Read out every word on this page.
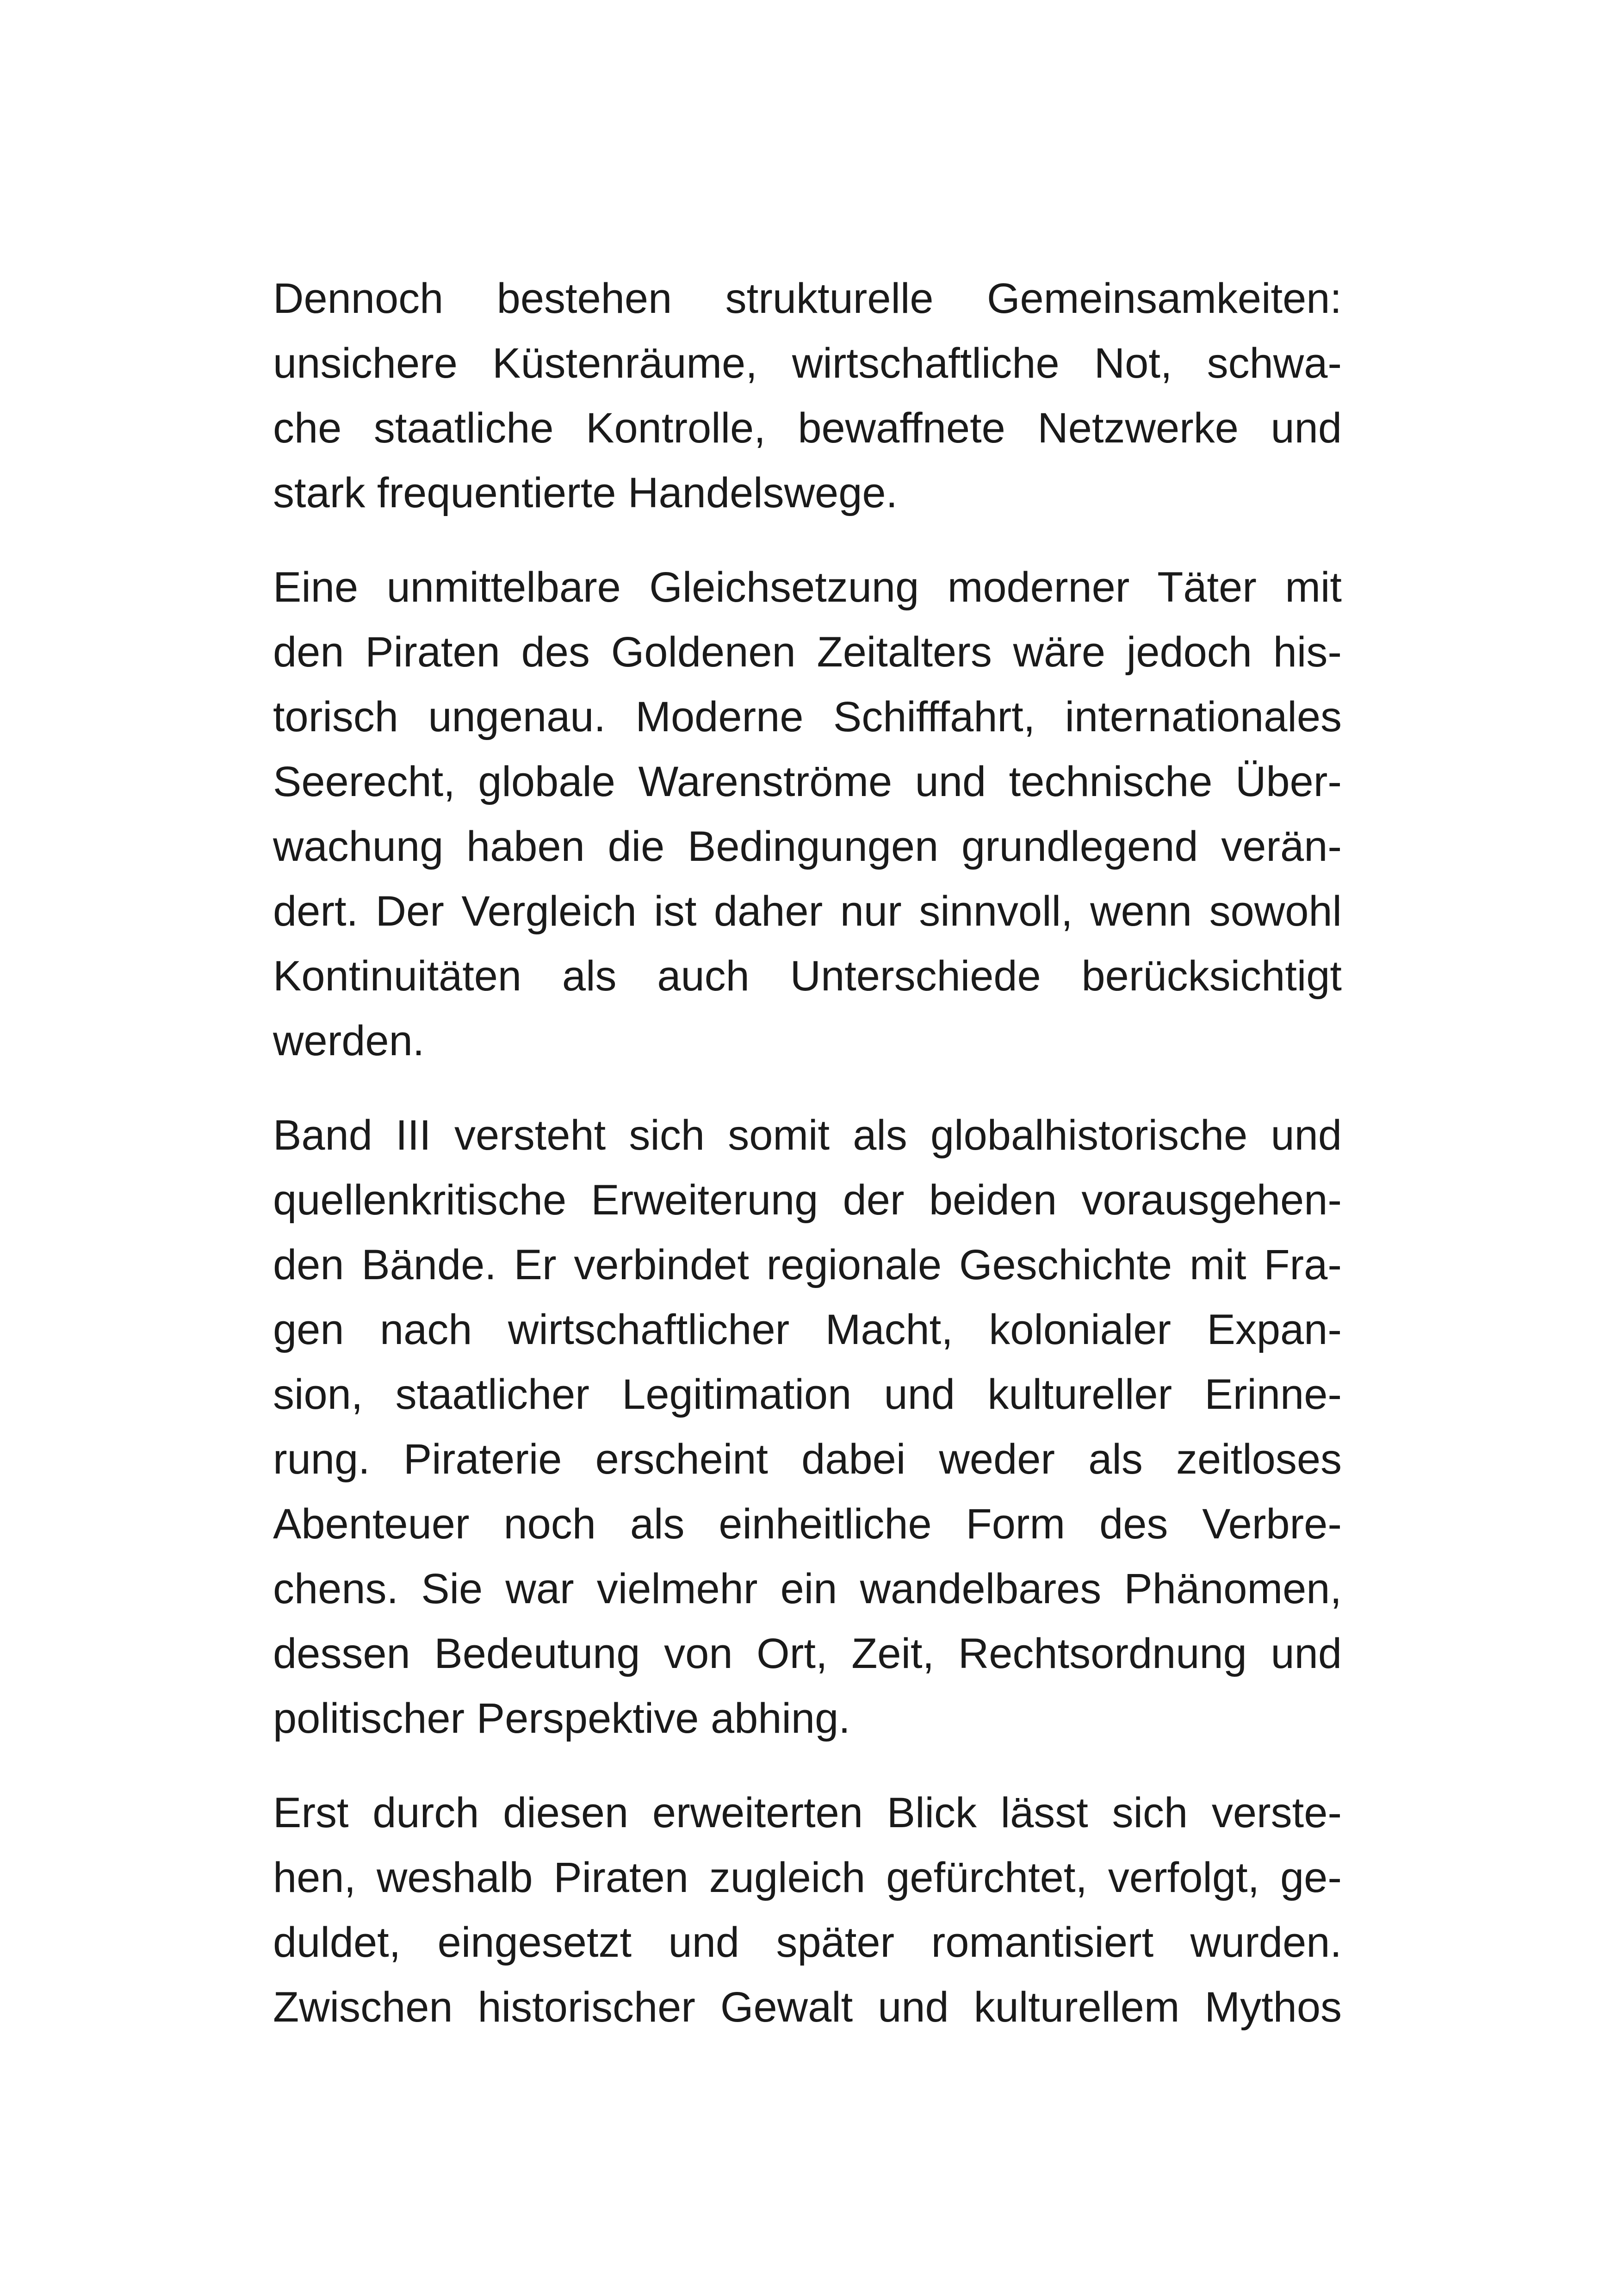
Dennoch bestehen strukturelle Gemeinsamkeiten:
unsichere Küstenräume, wirtschaftliche Not, schwa-
che staatliche Kontrolle, bewaffnete Netzwerke und
stark frequentierte Handelswege.

Eine unmittelbare Gleichsetzung moderner Täter mit
den Piraten des Goldenen Zeitalters wäre jedoch his-
torisch ungenau. Moderne Schifffahrt, internationales
Seerecht, globale Warenströme und technische Über-
wachung haben die Bedingungen grundlegend verän-
dert. Der Vergleich ist daher nur sinnvoll, wenn sowohl
Kontinuitäten als auch Unterschiede berücksichtigt
werden.

Band III versteht sich somit als globalhistorische und
quellenkritische Erweiterung der beiden vorausgehen-
den Bände. Er verbindet regionale Geschichte mit Fra-
gen nach wirtschaftlicher Macht, kolonialer Expan-
sion, staatlicher Legitimation und kultureller Erinne-
rung. Piraterie erscheint dabei weder als zeitloses
Abenteuer noch als einheitliche Form des Verbre-
chens. Sie war vielmehr ein wandelbares Phänomen,
dessen Bedeutung von Ort, Zeit, Rechtsordnung und
politischer Perspektive abhing.

Erst durch diesen erweiterten Blick lässt sich verste-
hen, weshalb Piraten zugleich gefürchtet, verfolgt, ge-
duldet, eingesetzt und später romantisiert wurden.
Zwischen historischer Gewalt und kulturellem Mythos
